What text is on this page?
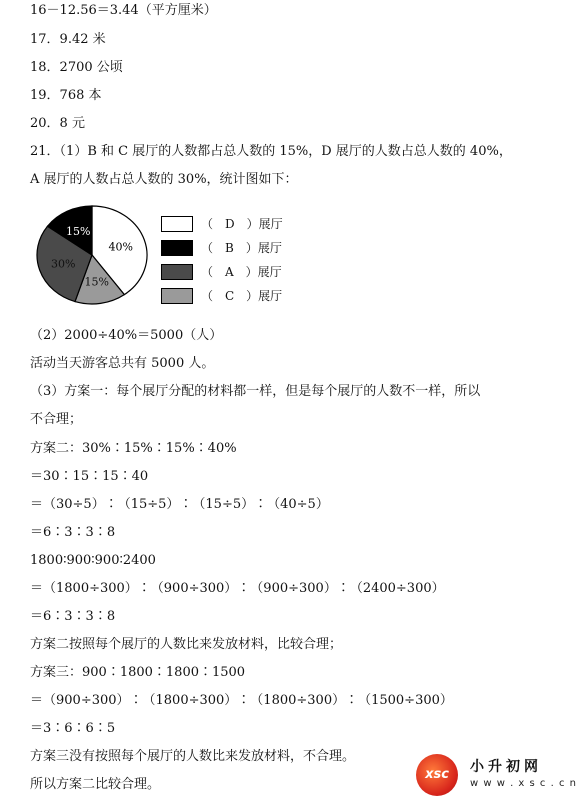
16－12.56＝3.44（平方厘米）
17．9.42 米
18．2700 公顷
19．768 本
20．8 元
21．（1）B 和 C 展厅的人数都占总人数的 15%，D 展厅的人数占总人数的 40%，
A 展厅的人数占总人数的 30%，统计图如下：
40%
15%
30%
15%
（　D　）展厅
（　B　）展厅
（　A　）展厅
（　C　）展厅
（2）2000÷40%＝5000（人）
活动当天游客总共有 5000 人。
（3）方案一：每个展厅分配的材料都一样，但是每个展厅的人数不一样，所以
不合理；
方案二：30%∶15%∶15%∶40%
＝30∶15∶15∶40
＝（30÷5）∶（15÷5）∶（15÷5）∶（40÷5）
＝6∶3∶3∶8
1800∶900∶900∶2400
＝（1800÷300）∶（900÷300）∶（900÷300）∶（2400÷300）
＝6∶3∶3∶8
方案二按照每个展厅的人数比来发放材料，比较合理；
方案三：900∶1800∶1800∶1500
＝（900÷300）∶（1800÷300）∶（1800÷300）∶（1500÷300）
＝3∶6∶6∶5
方案三没有按照每个展厅的人数比来发放材料，不合理。
所以方案二比较合理。
xsc	小升初网
w w w . x s c . c n
